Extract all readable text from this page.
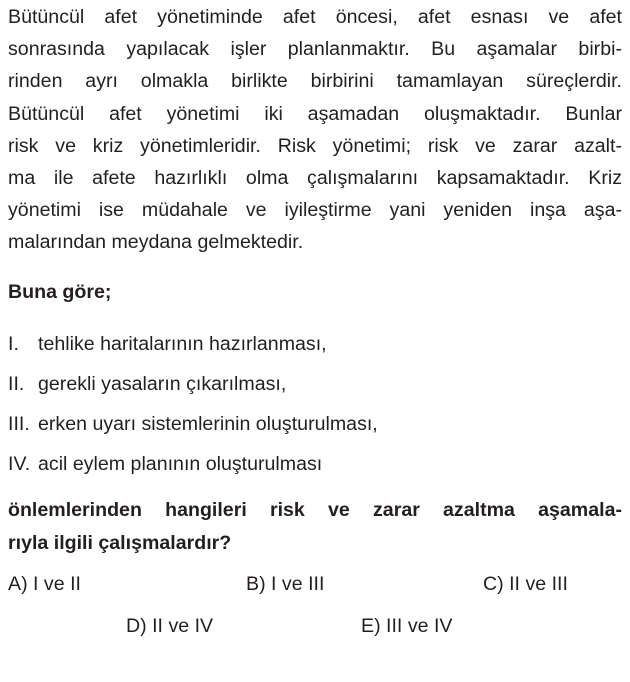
Bütüncül afet yönetiminde afet öncesi, afet esnası ve afet
sonrasında yapılacak işler planlanmaktır. Bu aşamalar birbi-
rinden ayrı olmakla birlikte birbirini tamamlayan süreçlerdir.
Bütüncül afet yönetimi iki aşamadan oluşmaktadır. Bunlar
risk ve kriz yönetimleridir. Risk yönetimi; risk ve zarar azalt-
ma ile afete hazırlıklı olma çalışmalarını kapsamaktadır. Kriz
yönetimi ise müdahale ve iyileştirme yani yeniden inşa aşa-
malarından meydana gelmektedir.

Buna göre;

I. tehlike haritalarının hazırlanması,
II. gerekli yasaların çıkarılması,
III. erken uyarı sistemlerinin oluşturulması,
IV. acil eylem planının oluşturulması

önlemlerinden hangileri risk ve zarar azaltma aşamala-
rıyla ilgili çalışmalardır?

A) I ve II	B) I ve III	C) II ve III
D) II ve IV	E) III ve IV
